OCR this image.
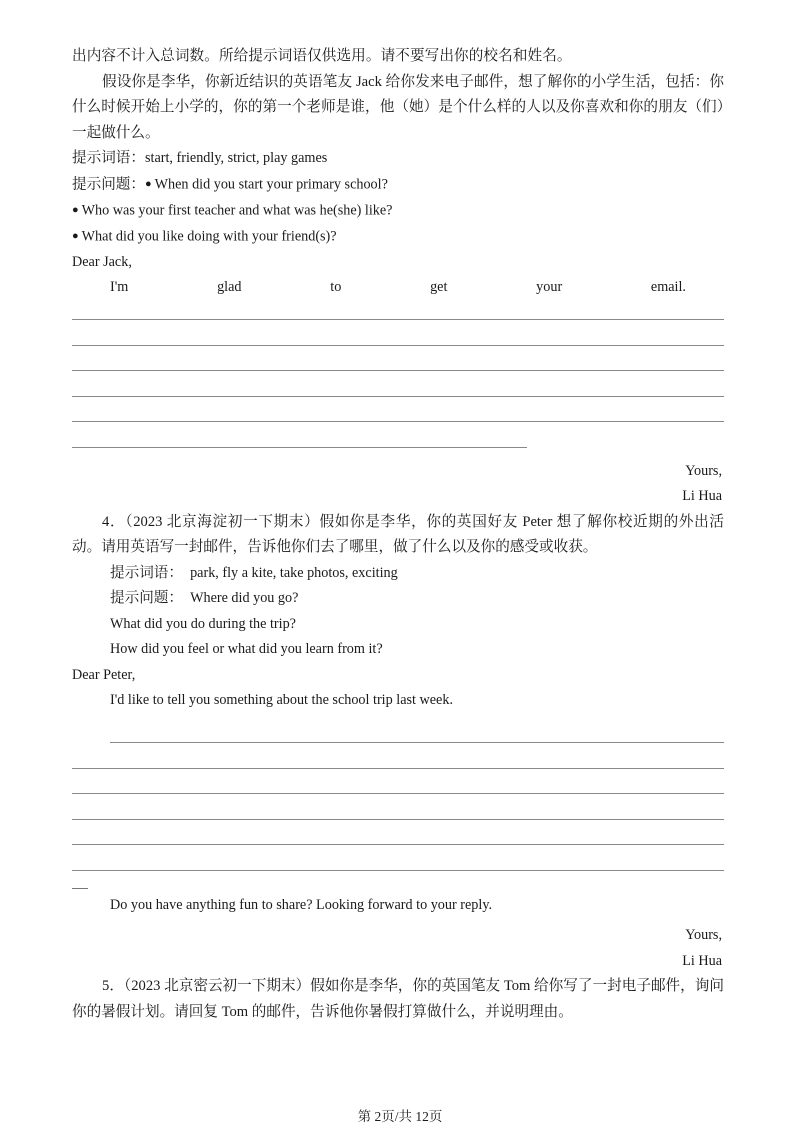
出内容不计入总词数。所给提示词语仅供选用。请不要写出你的校名和姓名。

假设你是李华，你新近结识的英语笔友 Jack 给你发来电子邮件，想了解你的小学生活，包括：你什么时候开始上小学的，你的第一个老师是谁，他（她）是个什么样的人以及你喜欢和你的朋友（们）一起做什么。

提示词语：start, friendly, strict, play games

提示问题：● When did you start your primary school?

● Who was your first teacher and what was he(she) like?

● What did you like doing with your friend(s)?

Dear Jack,

I'm	glad	to	get	your	email.

Yours,

Li Hua

4．（2023 北京海淀初一下期末）假如你是李华，你的英国好友 Peter 想了解你校近期的外出活动。请用英语写一封邮件，告诉他你们去了哪里，做了什么以及你的感受或收获。

提示词语： park, fly a kite, take photos, exciting

提示问题： Where did you go?

What did you do during the trip?

How did you feel or what did you learn from it?

Dear Peter,

I'd like to tell you something about the school trip last week.

Do you have anything fun to share? Looking forward to your reply.

Yours,

Li Hua

5．（2023 北京密云初一下期末）假如你是李华，你的英国笔友 Tom 给你写了一封电子邮件，询问你的暑假计划。请回复 Tom 的邮件，告诉他你暑假打算做什么，并说明理由。

第 2页/共 12页
